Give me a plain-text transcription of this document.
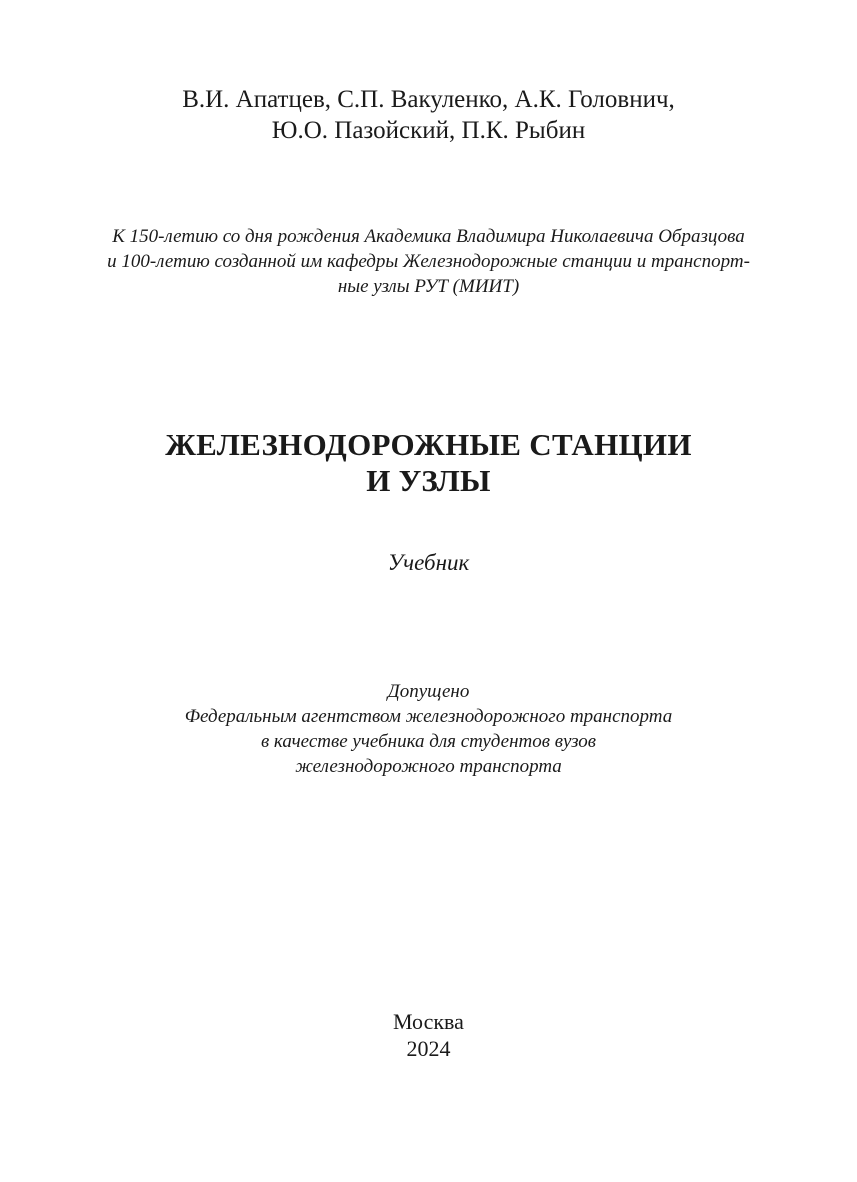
В.И. Апатцев, С.П. Вакуленко, А.К. Головнич,
Ю.О. Пазойский, П.К. Рыбин
К 150-летию со дня рождения Академика Владимира Николаевича Образцова
и 100-летию созданной им кафедры Железнодорожные станции и транспорт-
ные узлы РУТ (МИИТ)
ЖЕЛЕЗНОДОРОЖНЫЕ СТАНЦИИ
И УЗЛЫ
Учебник
Допущено
Федеральным агентством железнодорожного транспорта
в качестве учебника для студентов вузов
железнодорожного транспорта
Москва
2024
